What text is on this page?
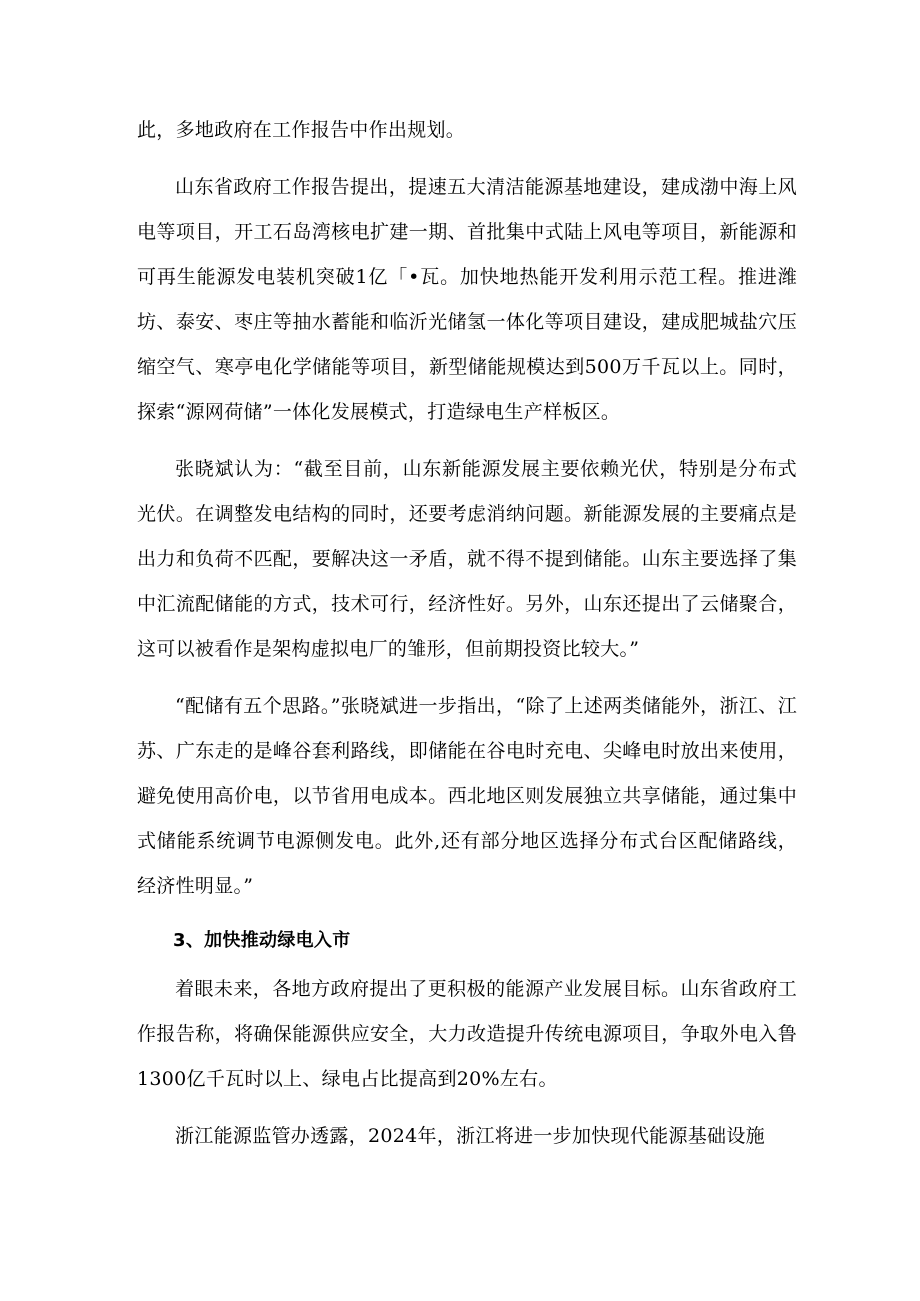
此，多地政府在工作报告中作出规划。

山东省政府工作报告提出，提速五大清洁能源基地建设，建成渤中海上风电等项目，开工石岛湾核电扩建一期、首批集中式陆上风电等项目，新能源和可再生能源发电装机突破1亿「•瓦。加快地热能开发利用示范工程。推进潍坊、泰安、枣庄等抽水蓄能和临沂光储氢一体化等项目建设，建成肥城盐穴压缩空气、寒亭电化学储能等项目，新型储能规模达到500万千瓦以上。同时，探索“源网荷储”一体化发展模式，打造绿电生产样板区。

张晓斌认为：“截至目前，山东新能源发展主要依赖光伏，特别是分布式光伏。在调整发电结构的同时，还要考虑消纳问题。新能源发展的主要痛点是出力和负荷不匹配，要解决这一矛盾，就不得不提到储能。山东主要选择了集中汇流配储能的方式，技术可行，经济性好。另外，山东还提出了云储聚合，这可以被看作是架构虚拟电厂的雏形，但前期投资比较大。”

“配储有五个思路。”张晓斌进一步指出，“除了上述两类储能外，浙江、江苏、广东走的是峰谷套利路线，即储能在谷电时充电、尖峰电时放出来使用，避免使用高价电，以节省用电成本。西北地区则发展独立共享储能，通过集中式储能系统调节电源侧发电。此外,还有部分地区选择分布式台区配储路线，经济性明显。”

3、加快推动绿电入市

着眼未来，各地方政府提出了更积极的能源产业发展目标。山东省政府工作报告称，将确保能源供应安全，大力改造提升传统电源项目，争取外电入鲁1300亿千瓦时以上、绿电占比提高到20%左右。

浙江能源监管办透露，2024年，浙江将进一步加快现代能源基础设施
